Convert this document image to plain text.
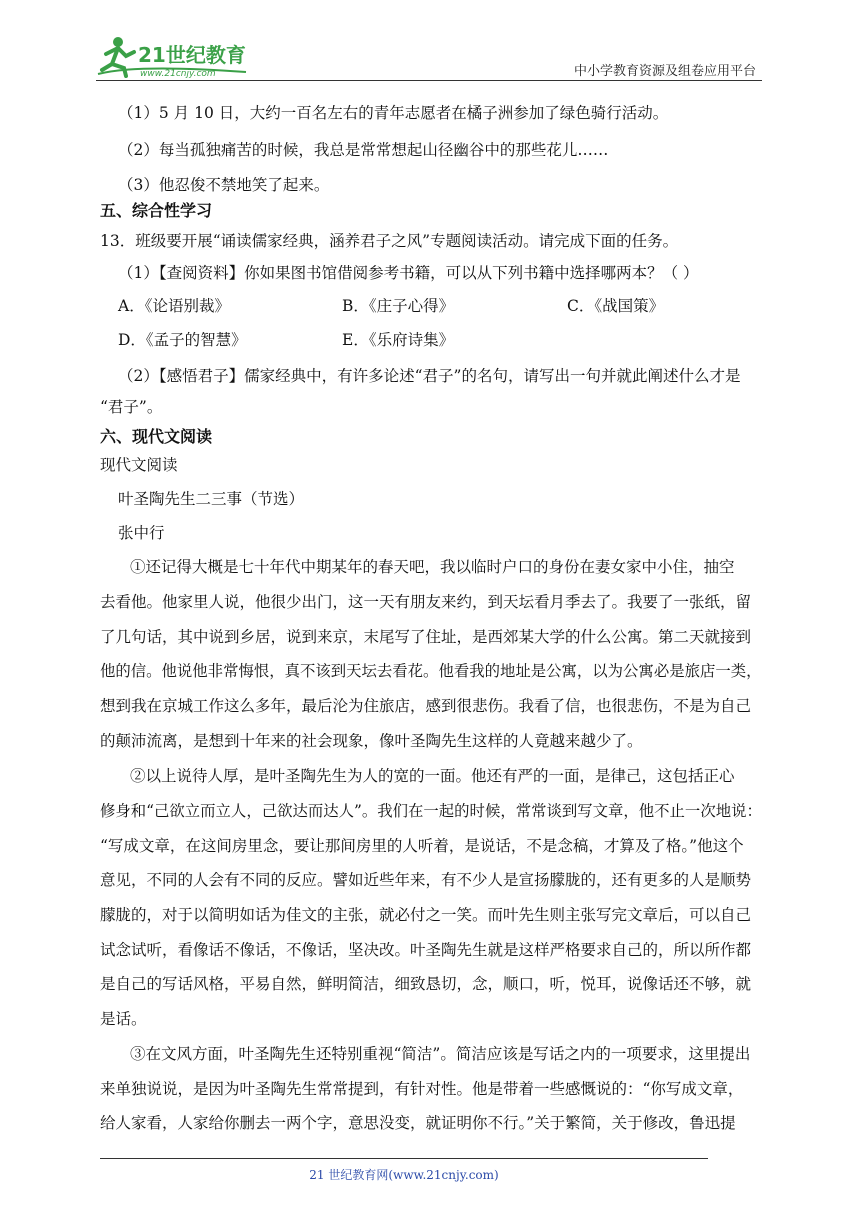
21世纪教育
www.21cnjy.com	中小学教育资源及组卷应用平台
（1）5 月 10 日，大约一百名左右的青年志愿者在橘子洲参加了绿色骑行活动。
（2）每当孤独痛苦的时候，我总是常常想起山径幽谷中的那些花儿……
（3）他忍俊不禁地笑了起来。
五、综合性学习
13．班级要开展“诵读儒家经典，涵养君子之风”专题阅读活动。请完成下面的任务。
（1）【查阅资料】你如果图书馆借阅参考书籍，可以从下列书籍中选择哪两本？（ ）
A．《论语别裁》	B．《庄子心得》	C．《战国策》
D．《孟子的智慧》	E．《乐府诗集》
（2）【感悟君子】儒家经典中，有许多论述“君子”的名句，请写出一句并就此阐述什么才是
“君子”。
六、现代文阅读
现代文阅读
叶圣陶先生二三事（节选）
张中行
①还记得大概是七十年代中期某年的春天吧，我以临时户口的身份在妻女家中小住，抽空
去看他。他家里人说，他很少出门，这一天有朋友来约，到天坛看月季去了。我要了一张纸，留
了几句话，其中说到乡居，说到来京，末尾写了住址，是西郊某大学的什么公寓。第二天就接到
他的信。他说他非常悔恨，真不该到天坛去看花。他看我的地址是公寓，以为公寓必是旅店一类，
想到我在京城工作这么多年，最后沦为住旅店，感到很悲伤。我看了信，也很悲伤，不是为自己
的颠沛流离，是想到十年来的社会现象，像叶圣陶先生这样的人竟越来越少了。
②以上说待人厚，是叶圣陶先生为人的宽的一面。他还有严的一面，是律己，这包括正心
修身和“己欲立而立人，己欲达而达人”。我们在一起的时候，常常谈到写文章，他不止一次地说：
“写成文章，在这间房里念，要让那间房里的人听着，是说话，不是念稿，才算及了格。”他这个
意见，不同的人会有不同的反应。譬如近些年来，有不少人是宣扬朦胧的，还有更多的人是顺势
朦胧的，对于以简明如话为佳文的主张，就必付之一笑。而叶先生则主张写完文章后，可以自己
试念试听，看像话不像话，不像话，坚决改。叶圣陶先生就是这样严格要求自己的，所以所作都
是自己的写话风格，平易自然，鲜明简洁，细致恳切，念，顺口，听，悦耳，说像话还不够，就
是话。
③在文风方面，叶圣陶先生还特别重视“简洁”。简洁应该是写话之内的一项要求，这里提出
来单独说说，是因为叶圣陶先生常常提到，有针对性。他是带着一些感慨说的：“你写成文章，
给人家看，人家给你删去一两个字，意思没变，就证明你不行。”关于繁简，关于修改，鲁迅提
21 世纪教育网(www.21cnjy.com)
